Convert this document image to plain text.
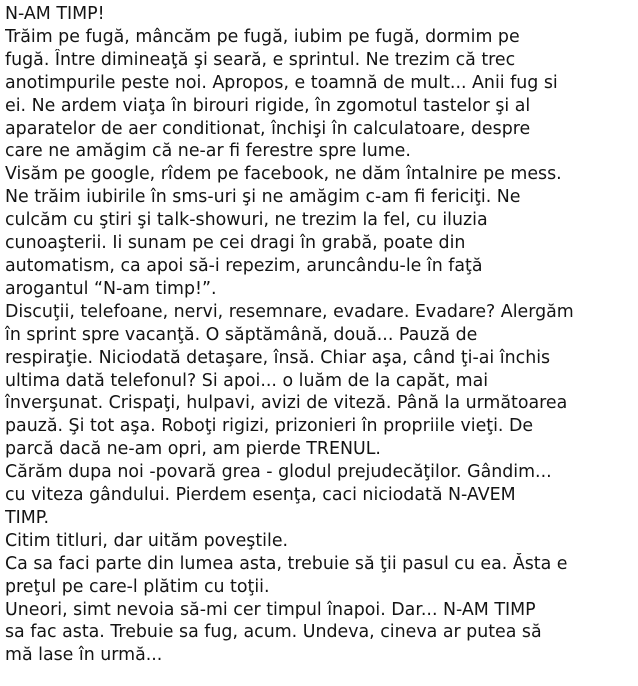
N-AM TIMP!
Trăim pe fugă, mâncăm pe fugă, iubim pe fugă, dormim pe
fugă. Între dimineaţă şi seară, e sprintul. Ne trezim că trec
anotimpurile peste noi. Apropos, e toamnă de mult... Anii fug si
ei. Ne ardem viaţa în birouri rigide, în zgomotul tastelor şi al
aparatelor de aer conditionat, închişi în calculatoare, despre
care ne amăgim că ne-ar fi ferestre spre lume.
Visăm pe google, rîdem pe facebook, ne dăm întalnire pe mess.
Ne trăim iubirile în sms-uri şi ne amăgim c-am fi fericiţi. Ne
culcăm cu ştiri şi talk-showuri, ne trezim la fel, cu iluzia
cunoaşterii. Ii sunam pe cei dragi în grabă, poate din
automatism, ca apoi să-i repezim, aruncându-le în faţă
arogantul “N-am timp!”.
Discuţii, telefoane, nervi, resemnare, evadare. Evadare? Alergăm
în sprint spre vacanţă. O săptămână, două... Pauză de
respiraţie. Niciodată detaşare, însă. Chiar aşa, când ţi-ai închis
ultima dată telefonul? Si apoi... o luăm de la capăt, mai
înverşunat. Crispaţi, hulpavi, avizi de viteză. Până la următoarea
pauză. Şi tot aşa. Roboţi rigizi, prizonieri în propriile vieţi. De
parcă dacă ne-am opri, am pierde TRENUL.
Cărăm dupa noi -povară grea - glodul prejudecăţilor. Gândim...
cu viteza gândului. Pierdem esenţa, caci niciodată N-AVEM
TIMP.
Citim titluri, dar uităm poveştile.
Ca sa faci parte din lumea asta, trebuie să ţii pasul cu ea. Ăsta e
preţul pe care-l plătim cu toţii.
Uneori, simt nevoia să-mi cer timpul înapoi. Dar... N-AM TIMP
sa fac asta. Trebuie sa fug, acum. Undeva, cineva ar putea să
mă lase în urmă...
